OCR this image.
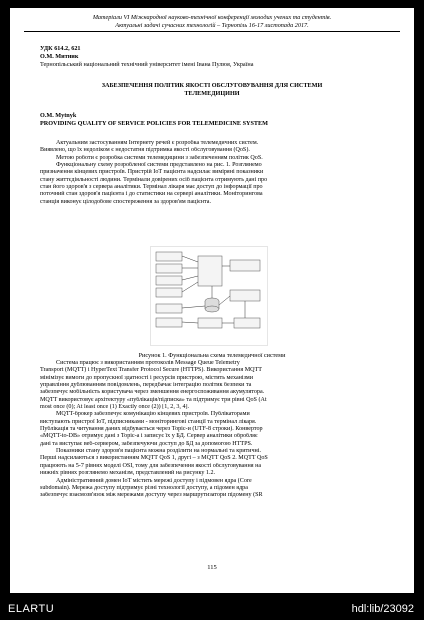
Матеріали VI Міжнародної науково-технічної конференції молодих учених та студентів.
Актуальні задачі сучасних технологій – Тернопіль 16-17 листопада 2017.
УДК 614.2, 621
О.М. Митник
Тернопільський національний технічний університет імені Івана Пулюя, Україна
ЗАБЕЗПЕЧЕННЯ ПОЛІТИК ЯКОСТІ ОБСЛУГОВУВАННЯ ДЛЯ СИСТЕМИ
ТЕЛЕМЕДИЦИНИ
O.M. Mytnyk
PROVIDING QUALITY OF SERVICE POLICIES FOR TELEMEDICINE SYSTEM

Актуальним застосуванням Інтернету речей є розробка телемедичних систем.

Виявлено, що їх недоліком є недостатня підтримка якості обслуговування (QoS).

Метою роботи є розробка системи телемедицини з забезпеченням політик QoS.

Функціональну схему розробленої системи представлено на рис. 1. Розглянемо

призначення кінцевих пристроїв. Пристрій IoT пацієнта надсилає виміряні показники

стану життєдіяльності людини. Термінали довірених осіб пацієнта отримують дані про

стан його здоров'я з сервера аналітики. Термінал лікаря має доступ до інформації про

поточний стан здоров'я пацієнта і до статистики на сервері аналітики. Моніторингова

станція виконує цілодобове спостереження за здоров'ям пацієнта.

Рисунок 1. Функціональна схема телемедичної системи

Система працює з використанням протоколів Message Queue Telemetry

Transport (MQTT) і HyperText Transfer Protocol Secure (HTTPS). Використання MQTT

мінімізує вимоги до пропускної здатності і ресурсів пристрою, містить механізми

управління дублюванням повідомлень, передбачає інтеграцію політик безпеки та

забезпечує мобільність користувача через зменшення енергоспоживання акумулятора.

MQTT використовує архітектуру «публікація/підписка» та підтримує три рівні QoS (At

most once (0); At least once (1) Exactly once (2)) [1, 2, 3, 4].

MQTT-брокер забезпечує комунікацію кінцевих пристроїв. Публікаторами

виступають пристрої IoT, підписниками - моніторингові станції та термінал лікаря.

Публікація та читування даних відбувається через Topic-и (UTF-8 строки). Конвертор

«MQTT-to-DB» отримує дані з Topic-а і записує їх у БД. Сервер аналітики обробляє

дані та виступає веб-сервером, забезпечуючи доступ до БД за допомогою HTTPS.

Показники стану здоров'я пацієнта можна розділити на нормальні та критичні.

Перші надсилаються з використанням MQTT QoS 1, другі – з MQTT QoS 2. MQTT QoS

працюють на 5-7 рівнях моделі OSI, тому для забезпечення якості обслуговування на

нижніх рівнях розглянемо механізм, представлений на рисунку 1.2.

Адміністративний домен IoT містить мережі доступу і підмовен ядра (Core

subdomain). Мережа доступу підтримує різні технології доступу, а підомен ядра

забезпечує взаємозв'язок між мережами доступу через маршрутизатори підомену (SR

115
ELARTU	hdl:lib/23092
